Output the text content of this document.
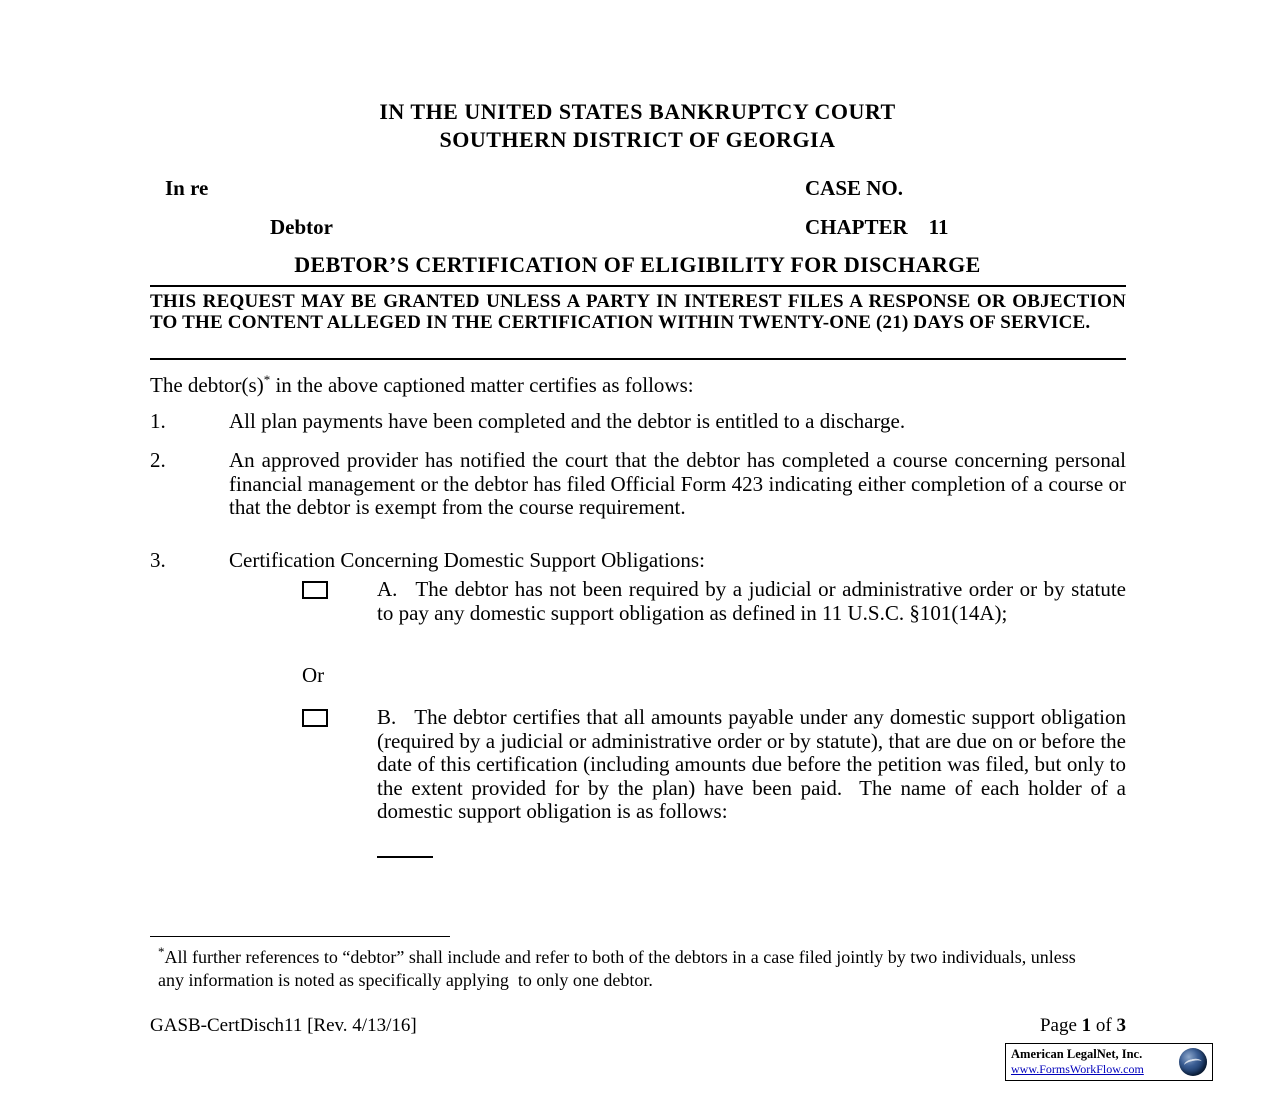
IN THE UNITED STATES BANKRUPTCY COURT
SOUTHERN DISTRICT OF GEORGIA
In re	CASE NO.
Debtor	CHAPTER    11
DEBTOR’S CERTIFICATION OF ELIGIBILITY FOR DISCHARGE

THIS REQUEST MAY BE GRANTED UNLESS A PARTY IN INTEREST FILES A RESPONSE OR OBJECTION TO THE CONTENT ALLEGED IN THE CERTIFICATION WITHIN TWENTY-ONE (21) DAYS OF SERVICE.

The debtor(s)* in the above captioned matter certifies as follows:

1.	All plan payments have been completed and the debtor is entitled to a discharge.
2.	An approved provider has notified the court that the debtor has completed a course concerning personal financial management or the debtor has filed Official Form 423 indicating either completion of a course or that the debtor is exempt from the course requirement.
3.	Certification Concerning Domestic Support Obligations:

A. The debtor has not been required by a judicial or administrative order or by statute to pay any domestic support obligation as defined in 11 U.S.C. §101(14A);

Or

B. The debtor certifies that all amounts payable under any domestic support obligation (required by a judicial or administrative order or by statute), that are due on or before the date of this certification (including amounts due before the petition was filed, but only to the extent provided for by the plan) have been paid.  The name of each holder of a domestic support obligation is as follows:

*All further references to “debtor” shall include and refer to both of the debtors in a case filed jointly by two individuals, unless any information is noted as specifically applying  to only one debtor.

GASB-CertDisch11 [Rev. 4/13/16]	Page 1 of 3
American LegalNet, Inc.
www.FormsWorkFlow.com
